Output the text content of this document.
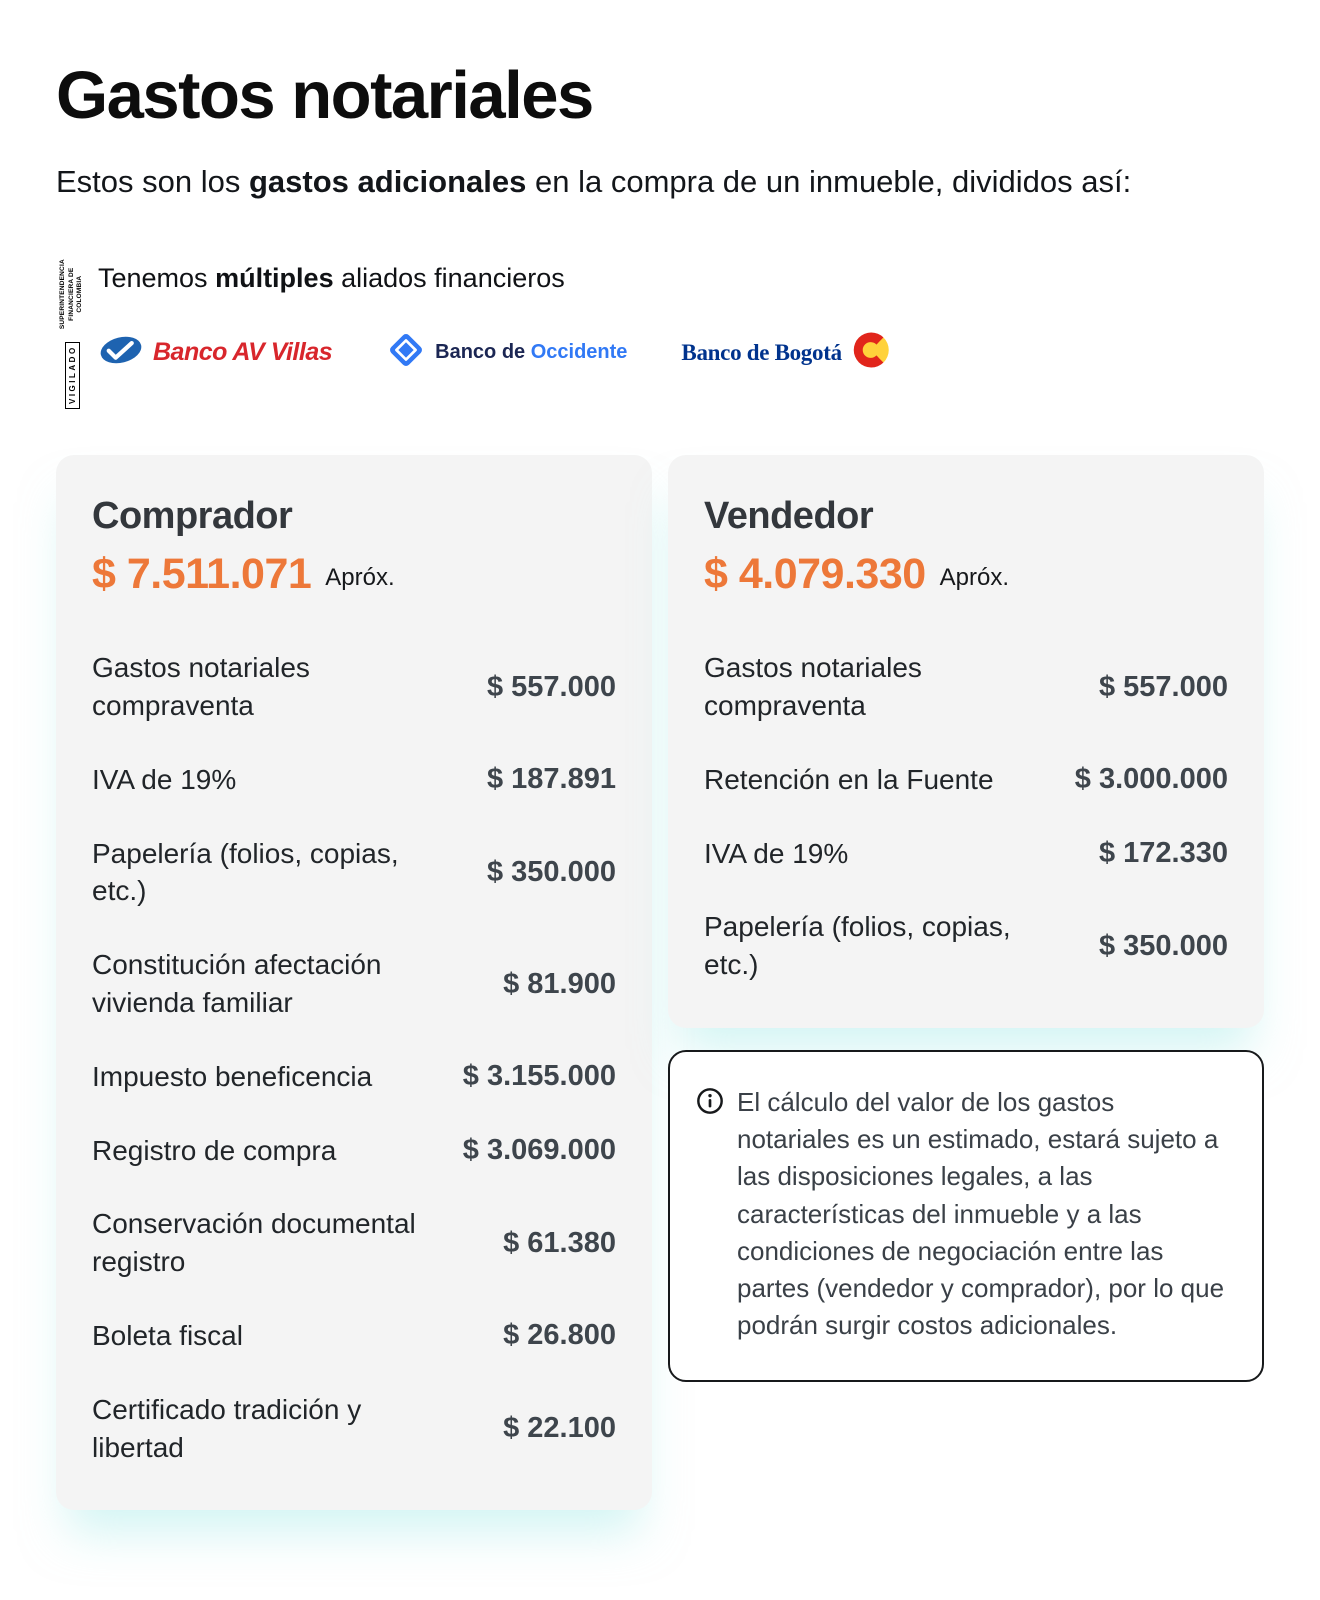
Gastos notariales

Estos son los gastos adicionales en la compra de un inmueble, divididos así:

VIGILADO
SUPERINTENDENCIA FINANCIERA DE COLOMBIA Tenemos múltiples aliados financieros
Banco AV Villas	Banco de Occidente Banco de Bogotá
Comprador
$ 7.511.071 Apróx.
Gastos notariales compraventa
$ 557.000
IVA de 19%	$ 187.891
Papelería (folios, copias, etc.)
$ 350.000
Constitución afectación vivienda familiar
$ 81.900
Impuesto beneficencia	$ 3.155.000
Registro de compra	$ 3.069.000
Conservación documental registro
$ 61.380
Boleta fiscal	$ 26.800
Certificado tradición y libertad
$ 22.100
Vendedor
$ 4.079.330 Apróx.
Gastos notariales compraventa
$ 557.000
Retención en la Fuente	$ 3.000.000
IVA de 19%	$ 172.330
Papelería (folios, copias, etc.)
$ 350.000
El cálculo del valor de los gastos notariales es un estimado, estará sujeto a las disposiciones legales, a las características del inmueble y a las condiciones de negociación entre las partes (vendedor y comprador), por lo que podrán surgir costos adicionales.
